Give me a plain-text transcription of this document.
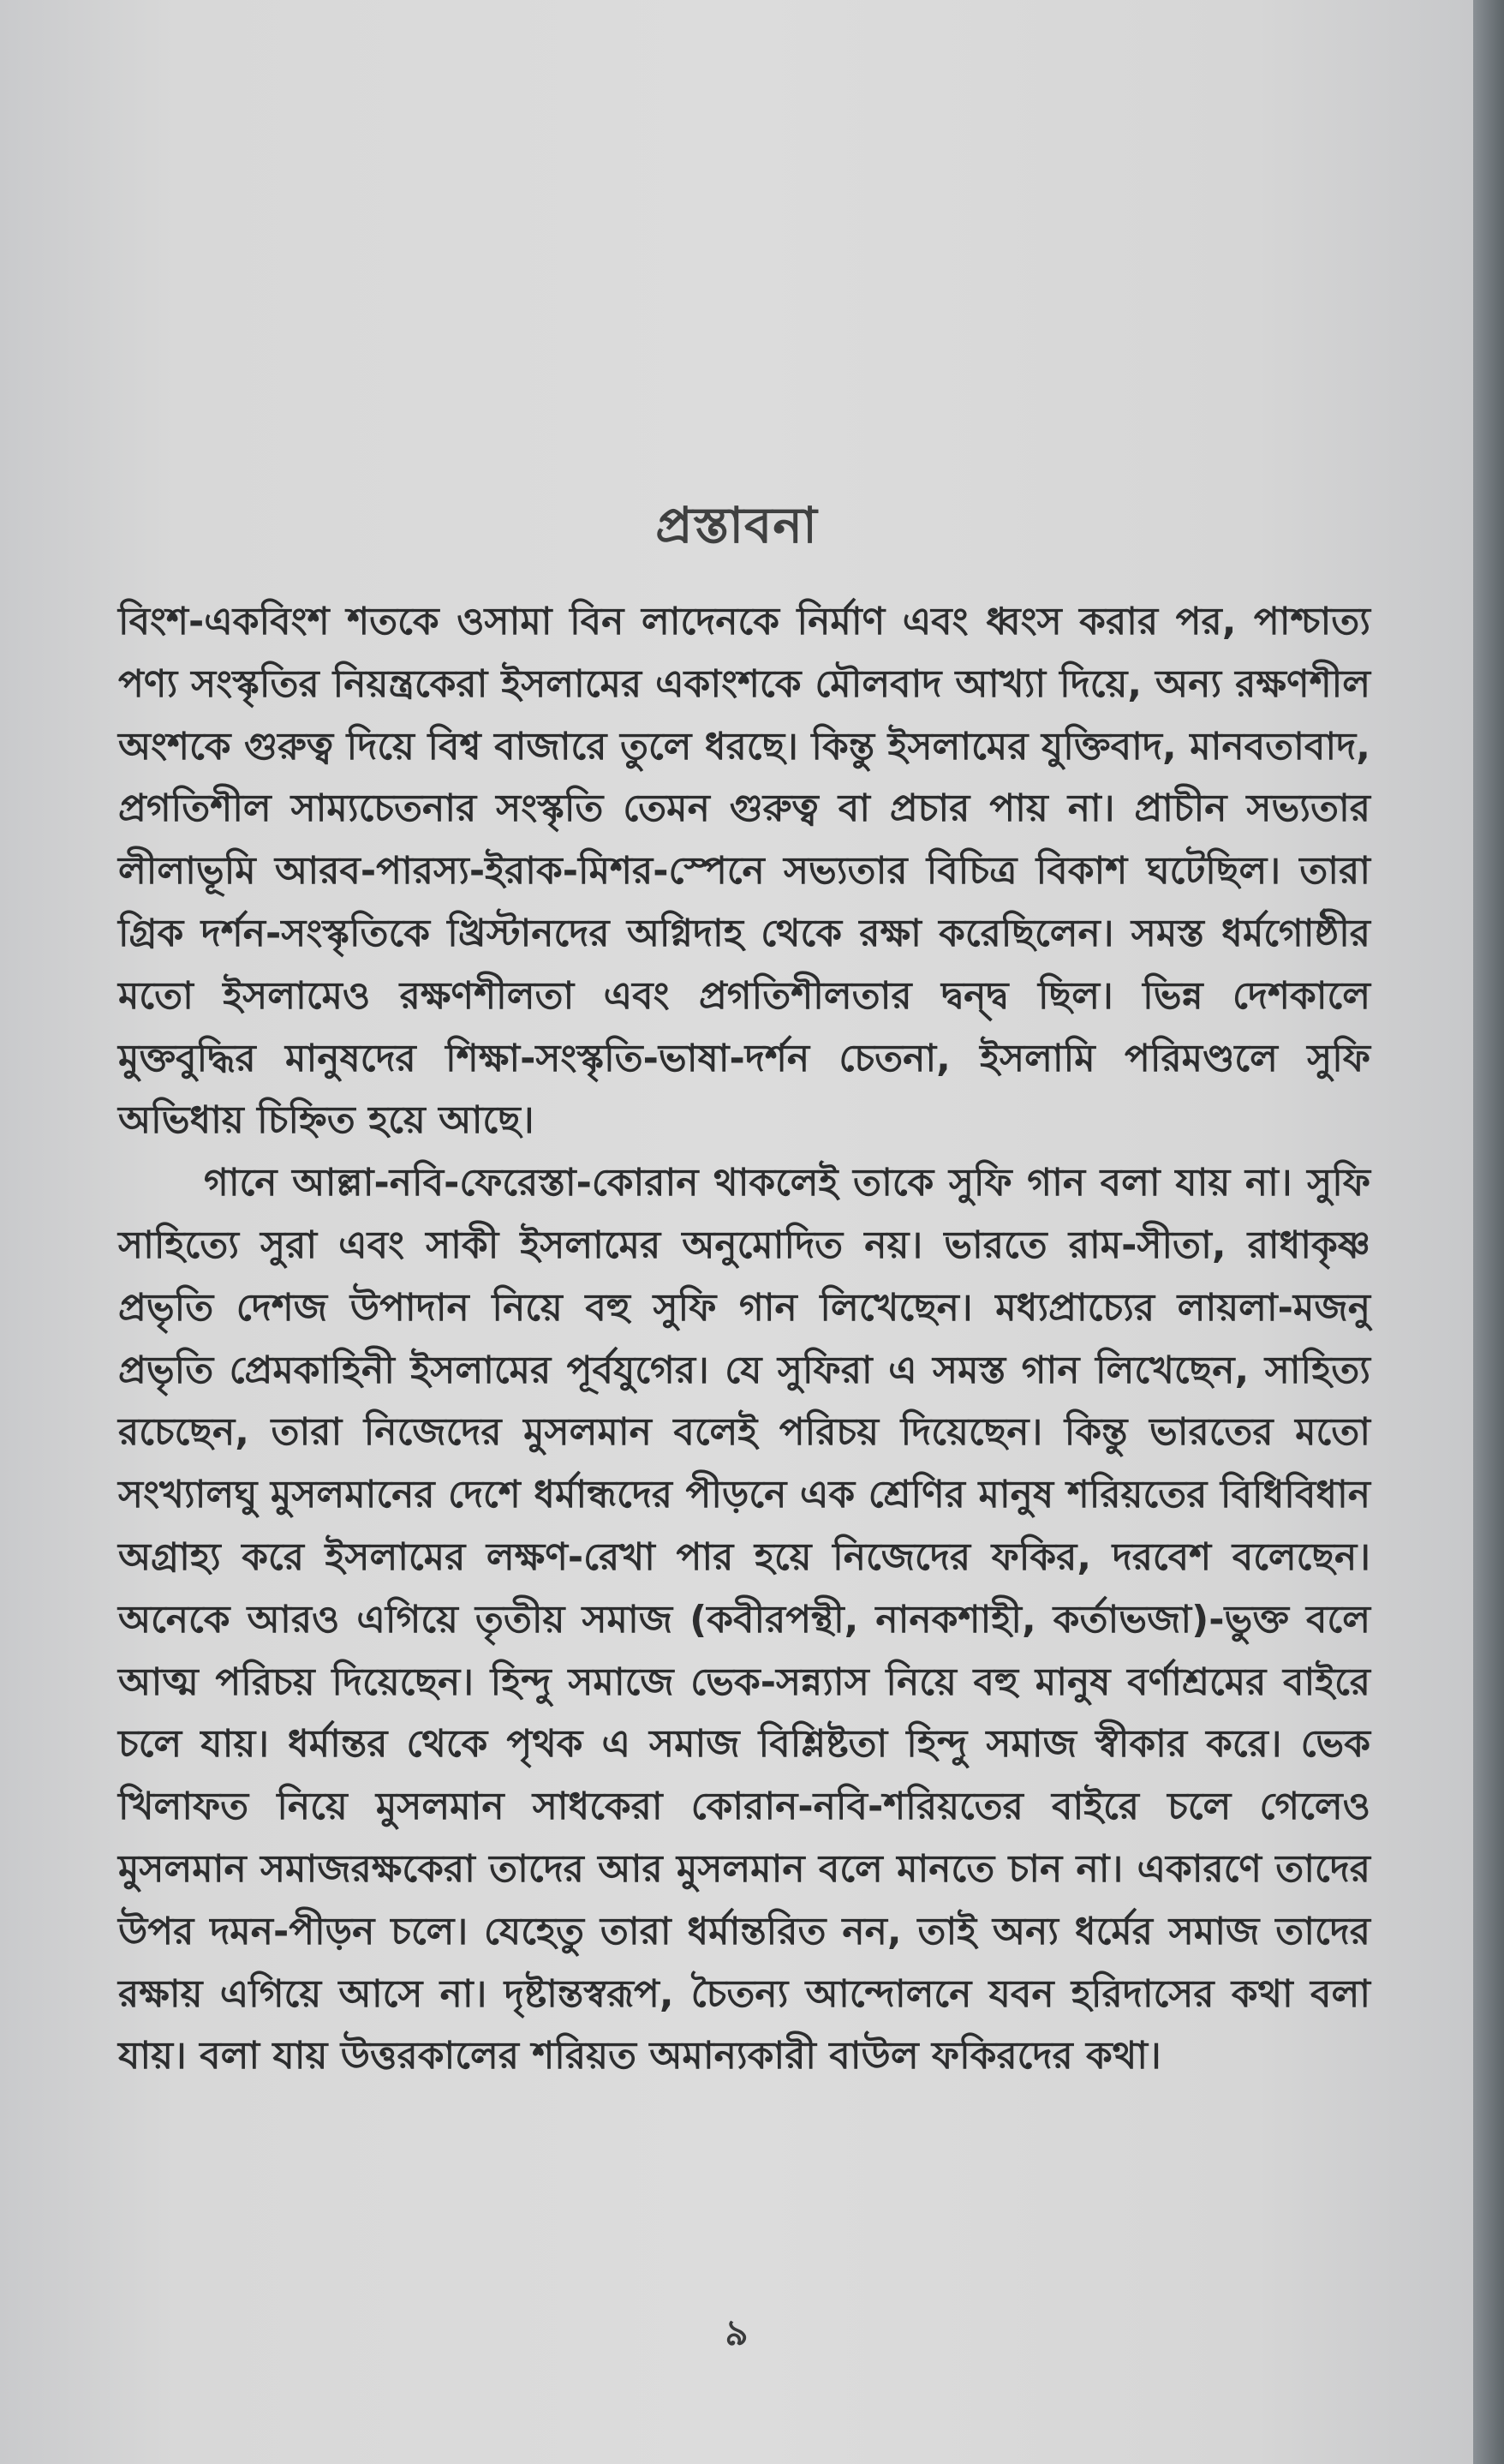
প্রস্তাবনা

বিংশ-একবিংশ শতকে ওসামা বিন লাদেনকে নির্মাণ এবং ধ্বংস করার পর, পাশ্চাত্য পণ্য সংস্কৃতির নিয়ন্ত্রকেরা ইসলামের একাংশকে মৌলবাদ আখ্যা দিয়ে, অন্য রক্ষণশীল অংশকে গুরুত্ব দিয়ে বিশ্ব বাজারে তুলে ধরছে। কিন্তু ইসলামের যুক্তিবাদ, মানবতাবাদ, প্রগতিশীল সাম্যচেতনার সংস্কৃতি তেমন গুরুত্ব বা প্রচার পায় না। প্রাচীন সভ্যতার লীলাভূমি আরব-পারস্য-ইরাক-মিশর-স্পেনে সভ্যতার বিচিত্র বিকাশ ঘটেছিল। তারা গ্রিক দর্শন-সংস্কৃতিকে খ্রিস্টানদের অগ্নিদাহ থেকে রক্ষা করেছিলেন। সমস্ত ধর্মগোষ্ঠীর মতো ইসলামেও রক্ষণশীলতা এবং প্রগতিশীলতার দ্বন্দ্ব ছিল। ভিন্ন দেশকালে মুক্তবুদ্ধির মানুষদের শিক্ষা-সংস্কৃতি-ভাষা-দর্শন চেতনা, ইসলামি পরিমণ্ডলে সুফি অভিধায় চিহ্নিত হয়ে আছে।

গানে আল্লা-নবি-ফেরেস্তা-কোরান থাকলেই তাকে সুফি গান বলা যায় না। সুফি সাহিত্যে সুরা এবং সাকী ইসলামের অনুমোদিত নয়। ভারতে রাম-সীতা, রাধাকৃষ্ণ প্রভৃতি দেশজ উপাদান নিয়ে বহু সুফি গান লিখেছেন। মধ্যপ্রাচ্যের লায়লা-মজনু প্রভৃতি প্রেমকাহিনী ইসলামের পূর্বযুগের। যে সুফিরা এ সমস্ত গান লিখেছেন, সাহিত্য রচেছেন, তারা নিজেদের মুসলমান বলেই পরিচয় দিয়েছেন। কিন্তু ভারতের মতো সংখ্যালঘু মুসলমানের দেশে ধর্মান্ধদের পীড়নে এক শ্রেণির মানুষ শরিয়তের বিধিবিধান অগ্রাহ্য করে ইসলামের লক্ষণ-রেখা পার হয়ে নিজেদের ফকির, দরবেশ বলেছেন। অনেকে আরও এগিয়ে তৃতীয় সমাজ (কবীরপন্থী, নানকশাহী, কর্তাভজা)-ভুক্ত বলে আত্ম পরিচয় দিয়েছেন। হিন্দু সমাজে ভেক-সন্ন্যাস নিয়ে বহু মানুষ বর্ণাশ্রমের বাইরে চলে যায়। ধর্মান্তর থেকে পৃথক এ সমাজ বিশ্লিষ্টতা হিন্দু সমাজ স্বীকার করে। ভেক খিলাফত নিয়ে মুসলমান সাধকেরা কোরান-নবি-শরিয়তের বাইরে চলে গেলেও মুসলমান সমাজরক্ষকেরা তাদের আর মুসলমান বলে মানতে চান না। একারণে তাদের উপর দমন-পীড়ন চলে। যেহেতু তারা ধর্মান্তরিত নন, তাই অন্য ধর্মের সমাজ তাদের রক্ষায় এগিয়ে আসে না। দৃষ্টান্তস্বরূপ, চৈতন্য আন্দোলনে যবন হরিদাসের কথা বলা যায়। বলা যায় উত্তরকালের শরিয়ত অমান্যকারী বাউল ফকিরদের কথা।

৯
